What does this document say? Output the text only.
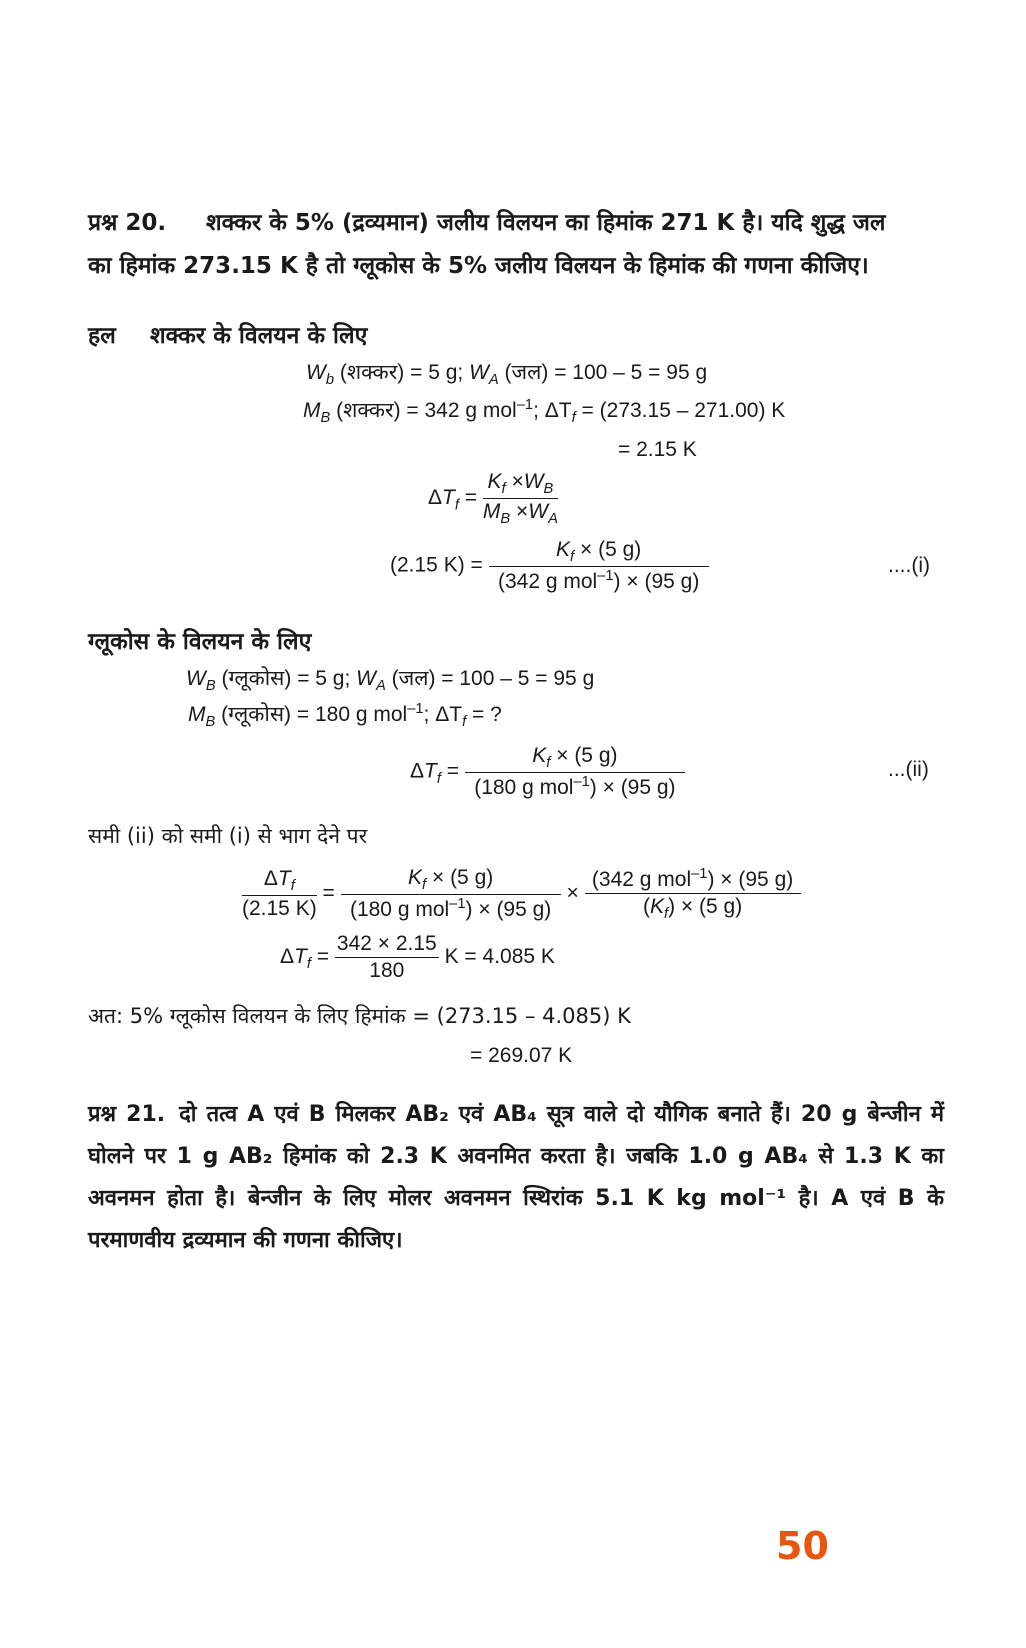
प्रश्न 20. शक्कर के 5% (द्रव्यमान) जलीय विलयन का हिमांक 271 K है। यदि शुद्ध जल
का हिमांक 273.15 K है तो ग्लूकोस के 5% जलीय विलयन के हिमांक की गणना कीजिए।
हल शक्कर के विलयन के लिए
$W_b$ (शक्कर) = 5 g; $W_A$ (जल) = 100 – 5 = 95 g
$M_B$ (शक्कर) = 342 g mol$^{-1}$; $\Delta T_f = (273.15 - 271.00)$ K
= 2.15 K
$\Delta T_f = \frac{K_f \times W_B}{M_B \times W_A}$
(2.15 $K) = \frac{K_f \times (5 g)}{(342 g mol^{-1}) \times (95 g)}$	....(i)
ग्लूकोस के विलयन के लिए
$W_B$ (ग्लूकोस) = 5 g; $W_A$ (जल) = 100 – 5 = 95 g
$M_B$ (ग्लूकोस) = 180 g mol$^{-1}$; $\Delta T_f$ = ?
$\Delta T_f = \frac{K_f \times (5 g)}{(180 g mol^{-1}) \times (95 g)}$	...(ii)
समी (ii) को समी (i) से भाग देने पर
$\frac{\Delta T_f}{(2.15 K)} = \frac{K_f \times (5 g)}{(180 g mol^{-1}) \times (95 g)} \times \frac{(342 g mol^{-1}) \times (95 g)}{(K_f) \times (5 g)}$
$\Delta T_f = \frac{342 \times 2.15}{180}$ K = 4.085 K
अत: 5% ग्लूकोस विलयन के लिए हिमांक = (273.15 – 4.085) K
= 269.07 K
प्रश्न 21. दो तत्व A एवं B मिलकर AB₂ एवं AB₄ सूत्र वाले दो यौगिक बनाते हैं। 20 g बेन्जीन में घोलने पर 1 g AB₂ हिमांक को 2.3 K अवनमित करता है। जबकि 1.0 g AB₄ से 1.3 K का अवनमन होता है। बेन्जीन के लिए मोलर अवनमन स्थिरांक 5.1 K kg mol⁻¹ है। A एवं B के परमाणवीय द्रव्यमान की गणना कीजिए।
50
